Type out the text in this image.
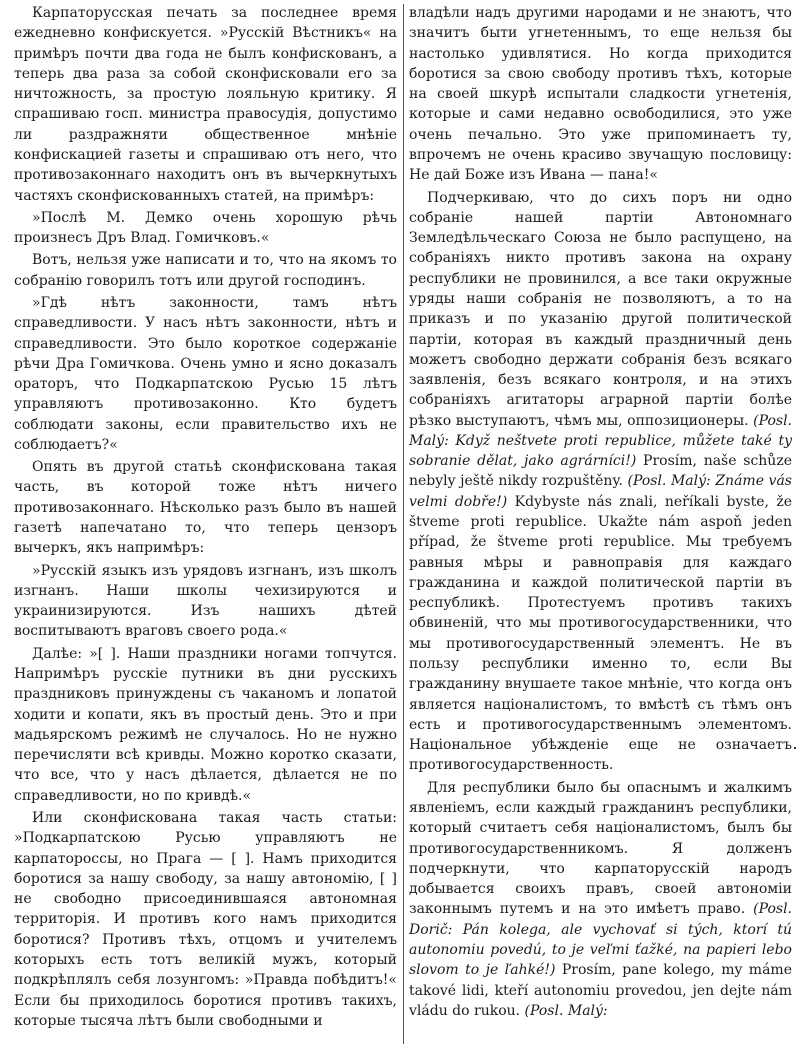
Карпаторусская печать за последнее время ежедневно конфискуется. »Русскій Вѣстникъ« на примѣръ почти два года не былъ конфискованъ, а теперь два раза за собой сконфисковали его за ничтожность, за простую лояльную критику. Я спрашиваю госп. министра правосудія, допустимо ли раздражняти общественное мнѣніе конфискацией газеты и спрашиваю отъ него, что противозаконнаго находитъ онъ въ вычеркнутыхъ частяхъ сконфискованныхъ статей, на примѣръ:

»Послѣ М. Демко очень хорошую рѣчь произнесъ Дръ Влад. Гомичковъ.«

Вотъ, нельзя уже написати и то, что на якомъ то собранію говорилъ тотъ или другой господинъ.

»Гдѣ нѣтъ законности, тамъ нѣтъ справедливости. У насъ нѣтъ законности, нѣтъ и справедливости. Это было короткое содержаніе рѣчи Дра Гомичкова. Очень умно и ясно доказалъ ораторъ, что Подкарпатскою Русью 15 лѣтъ управляютъ противозаконно. Кто будетъ соблюдати законы, если правительство ихъ не соблюдаетъ?«

Опять въ другой статьѣ сконфискована такая часть, въ которой тоже нѣтъ ничего противозаконнагo. Нѣсколько разъ было въ нашей газетѣ напечатано то, что теперь цензоръ вычеркъ, якъ напримѣръ:

»Русскій языкъ изъ урядовъ изгнанъ, изъ школъ изгнанъ. Наши школы чехизируются и украинизируются. Изъ нашихъ дѣтей воспитываютъ враговъ своего рода.«

Далѣе: »[ ]. Наши праздники ногами топчутся. Напримѣръ русскіе путники въ дни русскихъ праздниковъ принуждены съ чаканомъ и лопатой ходити и копати, якъ въ простый день. Это и при мадьярскомъ режимѣ не случалось. Но не нужно перечисляти всѣ кривды. Можно коротко сказати, что все, что у насъ дѣлается, дѣлается не по справедливости, но по кривдѣ.«

Или сконфискована такая часть статьи: »Подкарпатскою Русью управляютъ не карпатороссы, но Прага — [ ]. Намъ приходится боротися за нашу свободу, за нашу автономію, [ ] не свободно присоединившаяся автономная территорія. И противъ кого намъ приходится боротися? Противъ тѣхъ, отцомъ и учителемъ которыхъ есть тотъ великій мужъ, который подкрѣплялъ себя лозунгомъ: »Правда побѣдитъ!« Если бы приходилось боротися противъ такихъ, которые тысяча лѣтъ были свободными и

владѣли надъ другими народами и не знаютъ, что значитъ быти угнетеннымъ, то еще нельзя бы настолько удивлятися. Но когда приходится боротися за свою свободу противъ тѣхъ, которые на своей шкурѣ испытали сладкости угнетенія, которые и сами недавно освободилися, это уже очень печально. Это уже припоминаетъ ту, впрочемъ не очень красиво звучащую пословицу: Не дай Боже изъ Ивана — пана!«

Подчеркиваю, что до сихъ поръ ни одно собраніе нашей партіи Автономнаго Земледѣльческагo Союза не было распущено, на собраніяхъ никто противъ закона на охрану республики не провинился, а все таки окружные уряды наши собранія не позволяютъ, а то на приказъ и по указанію другой политической партіи, которая въ каждый праздничный день можетъ свободно держати собранія безъ всякаго заявленія, безъ всякаго контроля, и на этихъ собраніяхъ агитаторы аграрной партіи болѣе рѣзко выступаютъ, чѣмъ мы, оппозиционеры. (Posl. Malý: Když neštvete proti republice, můžete také ty sobranie dělat, jako agrárníci!) Prosím, naše schůze nebyly ještě nikdy rozpuštěny. (Posl. Malý: Známe vás velmi dobře!) Kdybyste nás znali, neříkali byste, že štveme proti republice. Ukažte nám aspoň jeden případ, že štveme proti republice. Мы требуемъ равныя мѣры и равноправія для каждаго гражданина и каждой политической партіи въ республикѣ. Протестуемъ противъ такихъ обвиненій, что мы противогосударственники, что мы противогосударственный элементъ. Не въ пользу республики именно то, если Вы гражданину внушаете такое мнѣніе, что когда онъ является націоналистомъ, то вмѣстѣ съ тѣмъ онъ есть и противогосударственнымъ элементомъ. Національное убѣжденіе еще не означаетъ противогосударственность.

Для республики было бы опаснымъ и жалкимъ явленіемъ, если каждый гражданинъ республики, который считаетъ себя націоналистомъ, былъ бы противогосударственникомъ. Я долженъ подчеркнути, что карпаторусскій народъ добывается своихъ правъ, своей автономіи законнымъ путемъ и на это имѣетъ право. (Posl. Dorič: Pán kolega, ale vychovať si tých, ktorí tú autonomiu povedú, to je veľmi ťažké, na papieri lebo slovom to je ľahké!) Prosím, pane kolego, my máme takové lidi, kteří autonomiu provedou, jen dejte nám vládu do rukou. (Posl. Malý:
